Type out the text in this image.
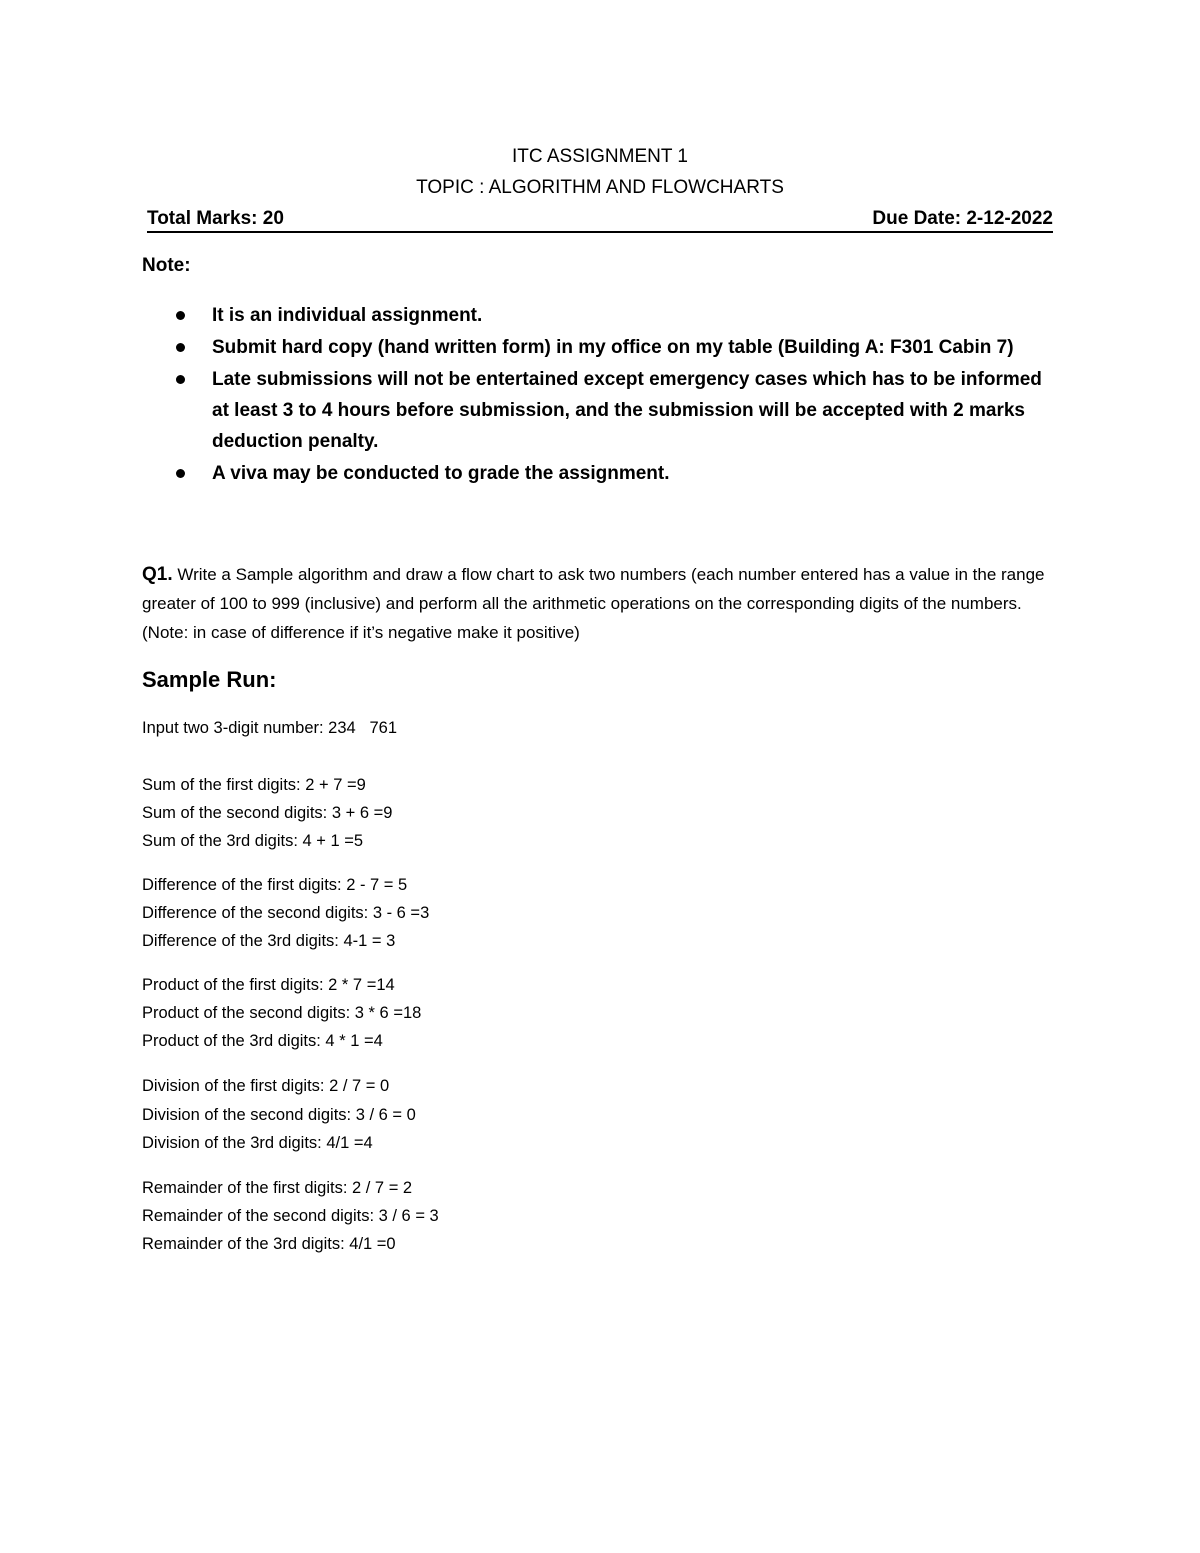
ITC ASSIGNMENT 1
TOPIC : ALGORITHM AND FLOWCHARTS
Total Marks: 20	Due Date: 2-12-2022
Note:
It is an individual assignment.
Submit hard copy (hand written form) in my office on my table (Building A: F301 Cabin 7)
Late submissions will not be entertained except emergency cases which has to be informed at least 3 to 4 hours before submission, and the submission will be accepted with 2 marks deduction penalty.
A viva may be conducted to grade the assignment.
Q1. Write a Sample algorithm and draw a flow chart to ask two numbers (each number entered has a value in the range greater of 100 to 999 (inclusive) and perform all the arithmetic operations on the corresponding digits of the numbers. (Note: in case of difference if it’s negative make it positive)
Sample Run:
Input two 3-digit number: 234   761
Sum of the first digits: 2 + 7 =9
Sum of the second digits: 3 + 6 =9
Sum of the 3rd digits: 4 + 1 =5
Difference of the first digits: 2 - 7 = 5
Difference of the second digits: 3 - 6 =3
Difference of the 3rd digits: 4-1 = 3
Product of the first digits: 2 * 7 =14
Product of the second digits: 3 * 6 =18
Product of the 3rd digits: 4 * 1 =4
Division of the first digits: 2 / 7 = 0
Division of the second digits: 3 / 6 = 0
Division of the 3rd digits: 4/1 =4
Remainder of the first digits: 2 / 7 = 2
Remainder of the second digits: 3 / 6 = 3
Remainder of the 3rd digits: 4/1 =0
